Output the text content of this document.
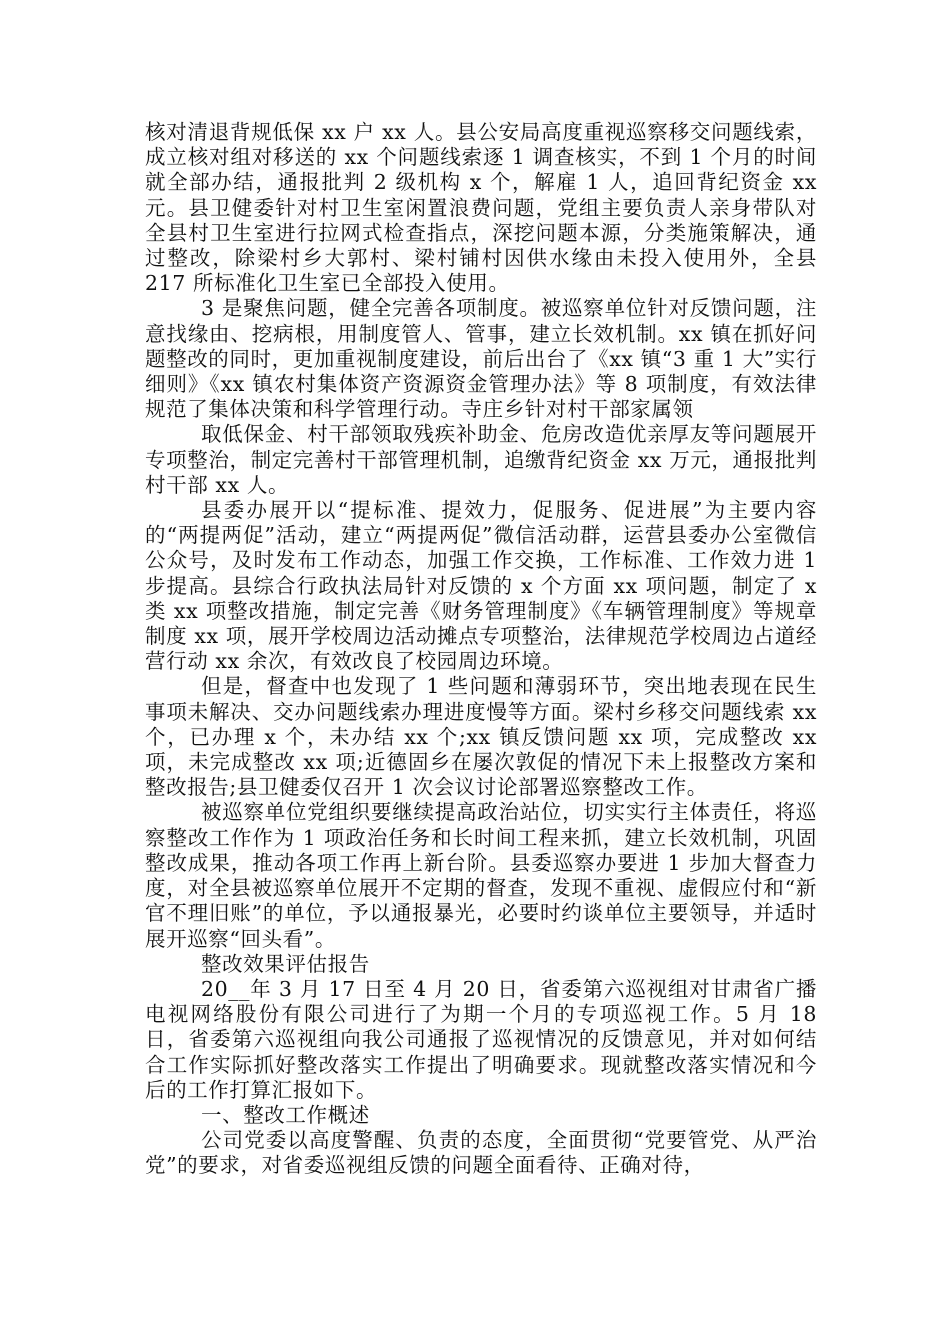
核对清退背规低保 xx 户 xx 人。县公安局高度重视巡察移交问题线索，成立核对组对移送的 xx 个问题线索逐 1 调查核实，不到 1 个月的时间就全部办结，通报批判 2 级机构 x 个，解雇 1 人，追回背纪资金 xx 元。县卫健委针对村卫生室闲置浪费问题，党组主要负责人亲身带队对全县村卫生室进行拉网式检查指点，深挖问题本源，分类施策解决，通过整改，除梁村乡大郭村、梁村铺村因供水缘由未投入使用外，全县 217 所标准化卫生室已全部投入使用。

3 是聚焦问题，健全完善各项制度。被巡察单位针对反馈问题，注意找缘由、挖病根，用制度管人、管事，建立长效机制。xx 镇在抓好问题整改的同时，更加重视制度建设，前后出台了《xx 镇“3 重 1 大”实行细则》《xx 镇农村集体资产资源资金管理办法》等 8 项制度，有效法律规范了集体决策和科学管理行动。寺庄乡针对村干部家属领

取低保金、村干部领取残疾补助金、危房改造优亲厚友等问题展开专项整治，制定完善村干部管理机制，追缴背纪资金 xx 万元，通报批判村干部 xx 人。

县委办展开以“提标准、提效力，促服务、促进展”为主要内容的“两提两促”活动，建立“两提两促”微信活动群，运营县委办公室微信公众号，及时发布工作动态，加强工作交换，工作标准、工作效力进 1 步提高。县综合行政执法局针对反馈的 x 个方面 xx 项问题，制定了 x 类 xx 项整改措施，制定完善《财务管理制度》《车辆管理制度》等规章制度 xx 项，展开学校周边活动摊点专项整治，法律规范学校周边占道经营行动 xx 余次，有效改良了校园周边环境。

但是，督查中也发现了 1 些问题和薄弱环节，突出地表现在民生事项未解决、交办问题线索办理进度慢等方面。梁村乡移交问题线索 xx 个，已办理 x 个，未办结 xx 个;xx 镇反馈问题 xx 项，完成整改 xx 项，未完成整改 xx 项;近德固乡在屡次敦促的情况下未上报整改方案和整改报告;县卫健委仅召开 1 次会议讨论部署巡察整改工作。

被巡察单位党组织要继续提高政治站位，切实实行主体责任，将巡察整改工作作为 1 项政治任务和长时间工程来抓，建立长效机制，巩固整改成果，推动各项工作再上新台阶。县委巡察办要进 1 步加大督查力度，对全县被巡察单位展开不定期的督查，发现不重视、虚假应付和“新官不理旧账”的单位，予以通报暴光，必要时约谈单位主要领导，并适时展开巡察“回头看”。

整改效果评估报告

20__年 3 月 17 日至 4 月 20 日，省委第六巡视组对甘肃省广播电视网络股份有限公司进行了为期一个月的专项巡视工作。5 月 18 日，省委第六巡视组向我公司通报了巡视情况的反馈意见，并对如何结合工作实际抓好整改落实工作提出了明确要求。现就整改落实情况和今后的工作打算汇报如下。

一、整改工作概述

公司党委以高度警醒、负责的态度，全面贯彻“党要管党、从严治党”的要求，对省委巡视组反馈的问题全面看待、正确对待，
